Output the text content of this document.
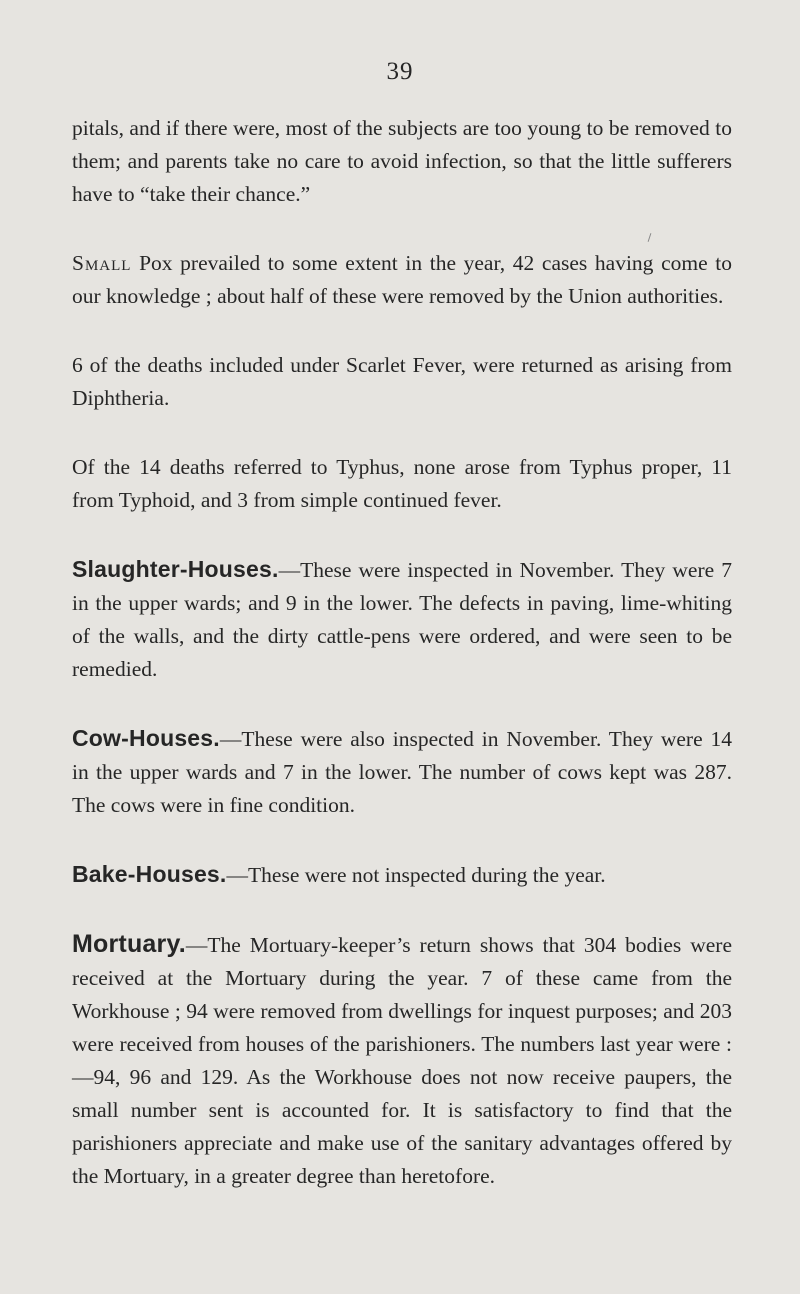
39

pitals, and if there were, most of the subjects are too young to be removed to them; and parents take no care to avoid infection, so that the little sufferers have to “take their chance.”

Small Pox prevailed to some extent in the year, 42 cases having come to our knowledge ; about half of these were removed by the Union authorities.

6 of the deaths included under Scarlet Fever, were returned as arising from Diphtheria.

Of the 14 deaths referred to Typhus, none arose from Typhus proper, 11 from Typhoid, and 3 from simple continued fever.

Slaughter-Houses.—These were inspected in November. They were 7 in the upper wards; and 9 in the lower. The defects in paving, lime-whiting of the walls, and the dirty cattle-pens were ordered, and were seen to be remedied.

Cow-Houses.—These were also inspected in November. They were 14 in the upper wards and 7 in the lower. The number of cows kept was 287. The cows were in fine condition.

Bake-Houses.—These were not inspected during the year.

Mortuary.—The Mortuary-keeper’s return shows that 304 bodies were received at the Mortuary during the year. 7 of these came from the Workhouse ; 94 were removed from dwellings for inquest purposes; and 203 were received from houses of the parishioners. The numbers last year were :—94, 96 and 129. As the Workhouse does not now receive paupers, the small number sent is accounted for. It is satisfactory to find that the parishioners appreciate and make use of the sanitary advantages offered by the Mortuary, in a greater degree than heretofore.
